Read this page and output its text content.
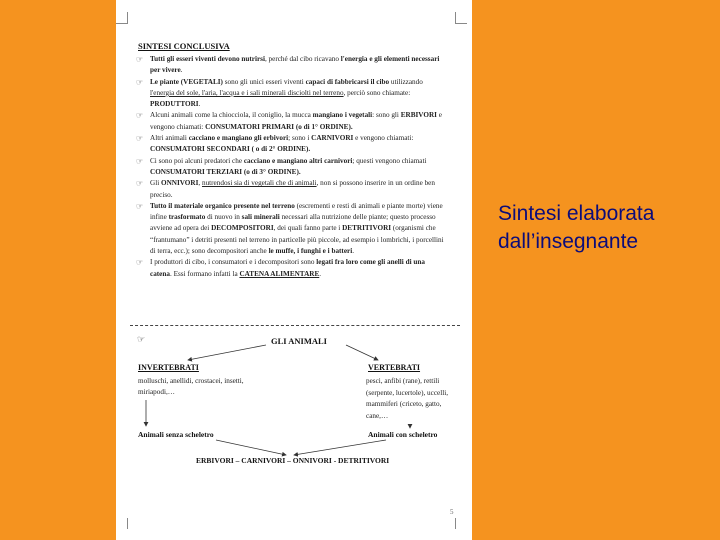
SINTESI CONCLUSIVA
☞ Tutti gli esseri viventi devono nutrirsi, perché dal cibo ricavano l'energia e gli elementi necessari per vivere.
☞ Le piante (VEGETALI) sono gli unici esseri viventi capaci di fabbricarsi il cibo utilizzando l'energia del sole, l'aria, l'acqua e i sali minerali disciolti nel terreno, perciò sono chiamate: PRODUTTORI.
☞ Alcuni animali come la chiocciola, il coniglio, la mucca mangiano i vegetali: sono gli ERBIVORI e vengono chiamati: CONSUMATORI PRIMARI (o di 1° ORDINE).
☞ Altri animali cacciano e mangiano gli erbivori; sono i CARNIVORI e vengono chiamati: CONSUMATORI SECONDARI ( o di 2° ORDINE).
☞ Ci sono poi alcuni predatori che cacciano e mangiano altri carnivori; questi vengono chiamati CONSUMATORI TERZIARI (o di 3° ORDINE).
☞ Gli ONNIVORI, nutrendosi sia di vegetali che di animali, non si possono inserire in un ordine ben preciso.
☞ Tutto il materiale organico presente nel terreno (escrementi e resti di animali e piante morte) viene infine trasformato di nuovo in sali minerali necessari alla nutrizione delle piante; questo processo avviene ad opera dei DECOMPOSITORI, dei quali fanno parte i DETRITIVORI (organismi che “frantumano” i detriti presenti nel terreno in particelle più piccole, ad esempio i lombrichi, i porcellini di terra, ecc.); sono decompositori anche le muffe, i funghi e i batteri.
☞ I produttori di cibo, i consumatori e i decompositori sono legati fra loro come gli anelli di una catena. Essi formano infatti la CATENA ALIMENTARE.
☞	GLI ANIMALI
INVERTEBRATI	VERTEBRATI
molluschi, anellidi, crostacei, insetti, miriapodi,…
pesci, anfibi (rane), rettili (serpente, lucertole), uccelli, mammiferi (criceto, gatto, cane,…
Animali senza scheletro	Animali con scheletro
ERBIVORI – CARNIVORI – ONNIVORI - DETRITIVORI
5
Sintesi elaborata dall’insegnante
